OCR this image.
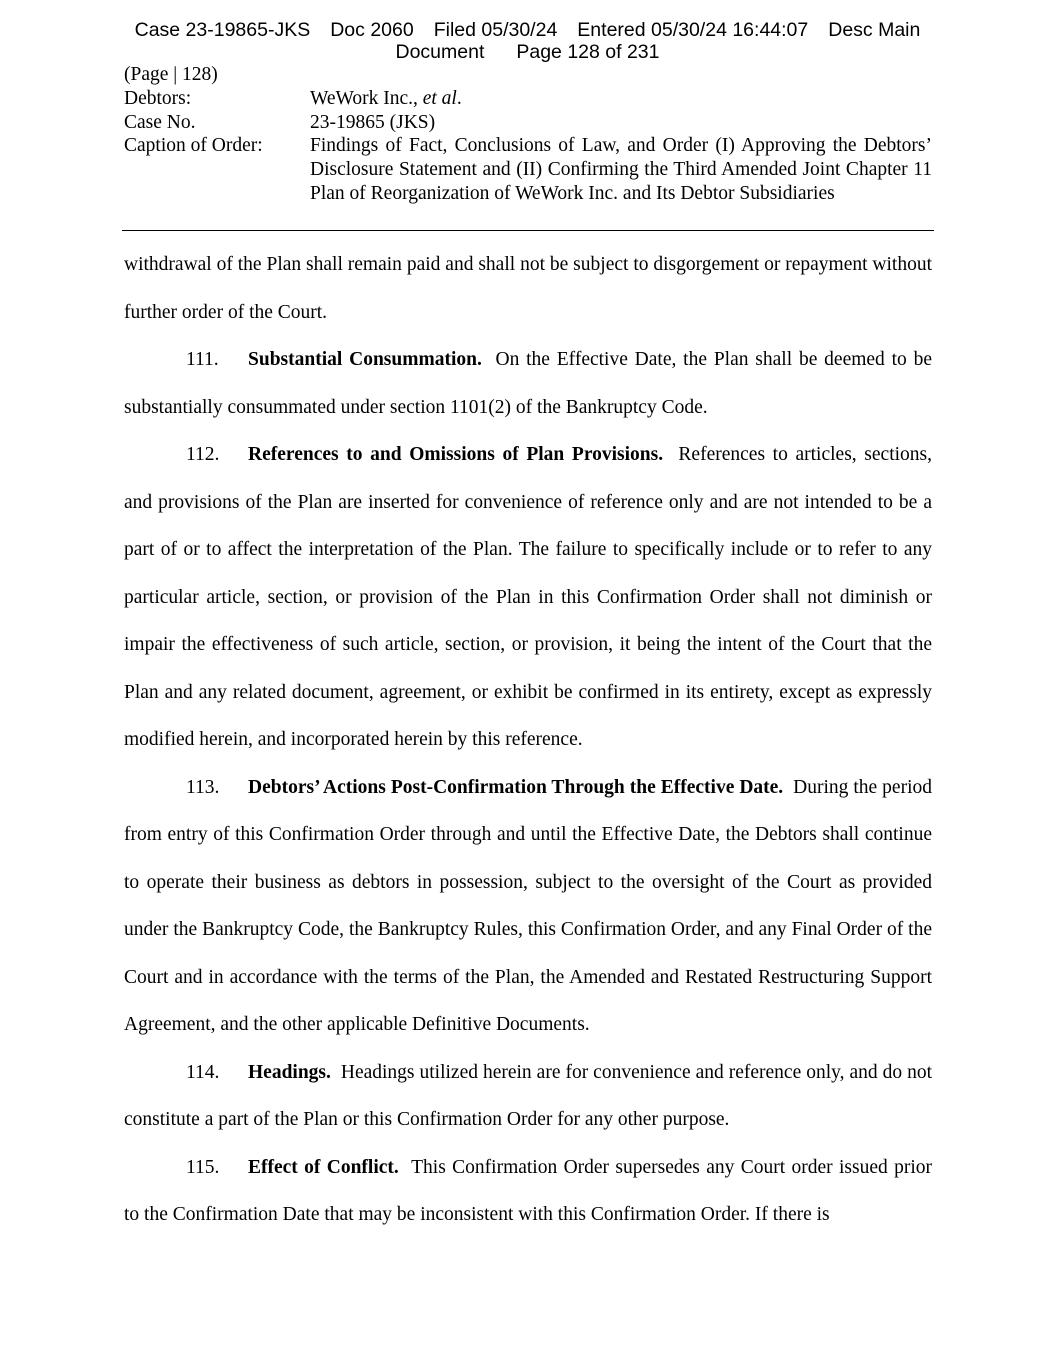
Case 23-19865-JKS Doc 2060 Filed 05/30/24 Entered 05/30/24 16:44:07 Desc Main
Document Page 128 of 231
(Page | 128)
Debtors:	WeWork Inc., et al.
Case No.	23-19865 (JKS)
Caption of Order:	Findings of Fact, Conclusions of Law, and Order (I) Approving the Debtors’ Disclosure Statement and (II) Confirming the Third Amended Joint Chapter 11 Plan of Reorganization of WeWork Inc. and Its Debtor Subsidiaries

withdrawal of the Plan shall remain paid and shall not be subject to disgorgement or repayment without further order of the Court.

111. Substantial Consummation. On the Effective Date, the Plan shall be deemed to be substantially consummated under section 1101(2) of the Bankruptcy Code.

112. References to and Omissions of Plan Provisions. References to articles, sections, and provisions of the Plan are inserted for convenience of reference only and are not intended to be a part of or to affect the interpretation of the Plan. The failure to specifically include or to refer to any particular article, section, or provision of the Plan in this Confirmation Order shall not diminish or impair the effectiveness of such article, section, or provision, it being the intent of the Court that the Plan and any related document, agreement, or exhibit be confirmed in its entirety, except as expressly modified herein, and incorporated herein by this reference.

113. Debtors’ Actions Post-Confirmation Through the Effective Date. During the period from entry of this Confirmation Order through and until the Effective Date, the Debtors shall continue to operate their business as debtors in possession, subject to the oversight of the Court as provided under the Bankruptcy Code, the Bankruptcy Rules, this Confirmation Order, and any Final Order of the Court and in accordance with the terms of the Plan, the Amended and Restated Restructuring Support Agreement, and the other applicable Definitive Documents.

114. Headings. Headings utilized herein are for convenience and reference only, and do not constitute a part of the Plan or this Confirmation Order for any other purpose.

115. Effect of Conflict. This Confirmation Order supersedes any Court order issued prior to the Confirmation Date that may be inconsistent with this Confirmation Order. If there is
